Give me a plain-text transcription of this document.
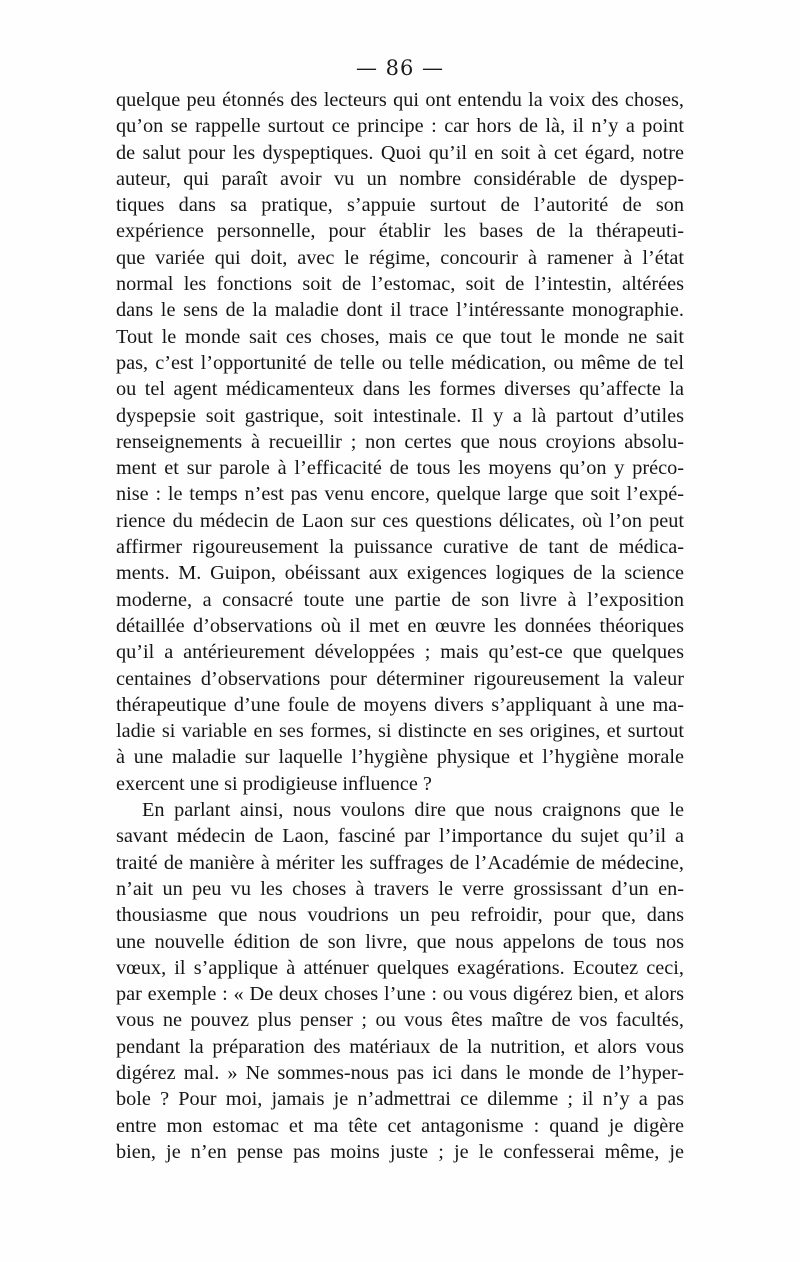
— 86 —
quelque peu étonnés des lecteurs qui ont entendu la voix des choses,
qu’on se rappelle surtout ce principe : car hors de là, il n’y a point
de salut pour les dyspeptiques. Quoi qu’il en soit à cet égard, notre
auteur, qui paraît avoir vu un nombre considérable de dyspep-
tiques dans sa pratique, s’appuie surtout de l’autorité de son
expérience personnelle, pour établir les bases de la thérapeuti-
que variée qui doit, avec le régime, concourir à ramener à l’état
normal les fonctions soit de l’estomac, soit de l’intestin, altérées
dans le sens de la maladie dont il trace l’intéressante monographie.
Tout le monde sait ces choses, mais ce que tout le monde ne sait
pas, c’est l’opportunité de telle ou telle médication, ou même de tel
ou tel agent médicamenteux dans les formes diverses qu’affecte la
dyspepsie soit gastrique, soit intestinale. Il y a là partout d’utiles
renseignements à recueillir ; non certes que nous croyions absolu-
ment et sur parole à l’efficacité de tous les moyens qu’on y préco-
nise : le temps n’est pas venu encore, quelque large que soit l’expé-
rience du médecin de Laon sur ces questions délicates, où l’on peut
affirmer rigoureusement la puissance curative de tant de médica-
ments. M. Guipon, obéissant aux exigences logiques de la science
moderne, a consacré toute une partie de son livre à l’exposition
détaillée d’observations où il met en œuvre les données théoriques
qu’il a antérieurement développées ; mais qu’est-ce que quelques
centaines d’observations pour déterminer rigoureusement la valeur
thérapeutique d’une foule de moyens divers s’appliquant à une ma-
ladie si variable en ses formes, si distincte en ses origines, et surtout
à une maladie sur laquelle l’hygiène physique et l’hygiène morale
exercent une si prodigieuse influence ?
En parlant ainsi, nous voulons dire que nous craignons que le
savant médecin de Laon, fasciné par l’importance du sujet qu’il a
traité de manière à mériter les suffrages de l’Académie de médecine,
n’ait un peu vu les choses à travers le verre grossissant d’un en-
thousiasme que nous voudrions un peu refroidir, pour que, dans
une nouvelle édition de son livre, que nous appelons de tous nos
vœux, il s’applique à atténuer quelques exagérations. Ecoutez ceci,
par exemple : « De deux choses l’une : ou vous digérez bien, et alors
vous ne pouvez plus penser ; ou vous êtes maître de vos facultés,
pendant la préparation des matériaux de la nutrition, et alors vous
digérez mal. » Ne sommes-nous pas ici dans le monde de l’hyper-
bole ? Pour moi, jamais je n’admettrai ce dilemme ; il n’y a pas
entre mon estomac et ma tête cet antagonisme : quand je digère
bien, je n’en pense pas moins juste ; je le confesserai même, je
